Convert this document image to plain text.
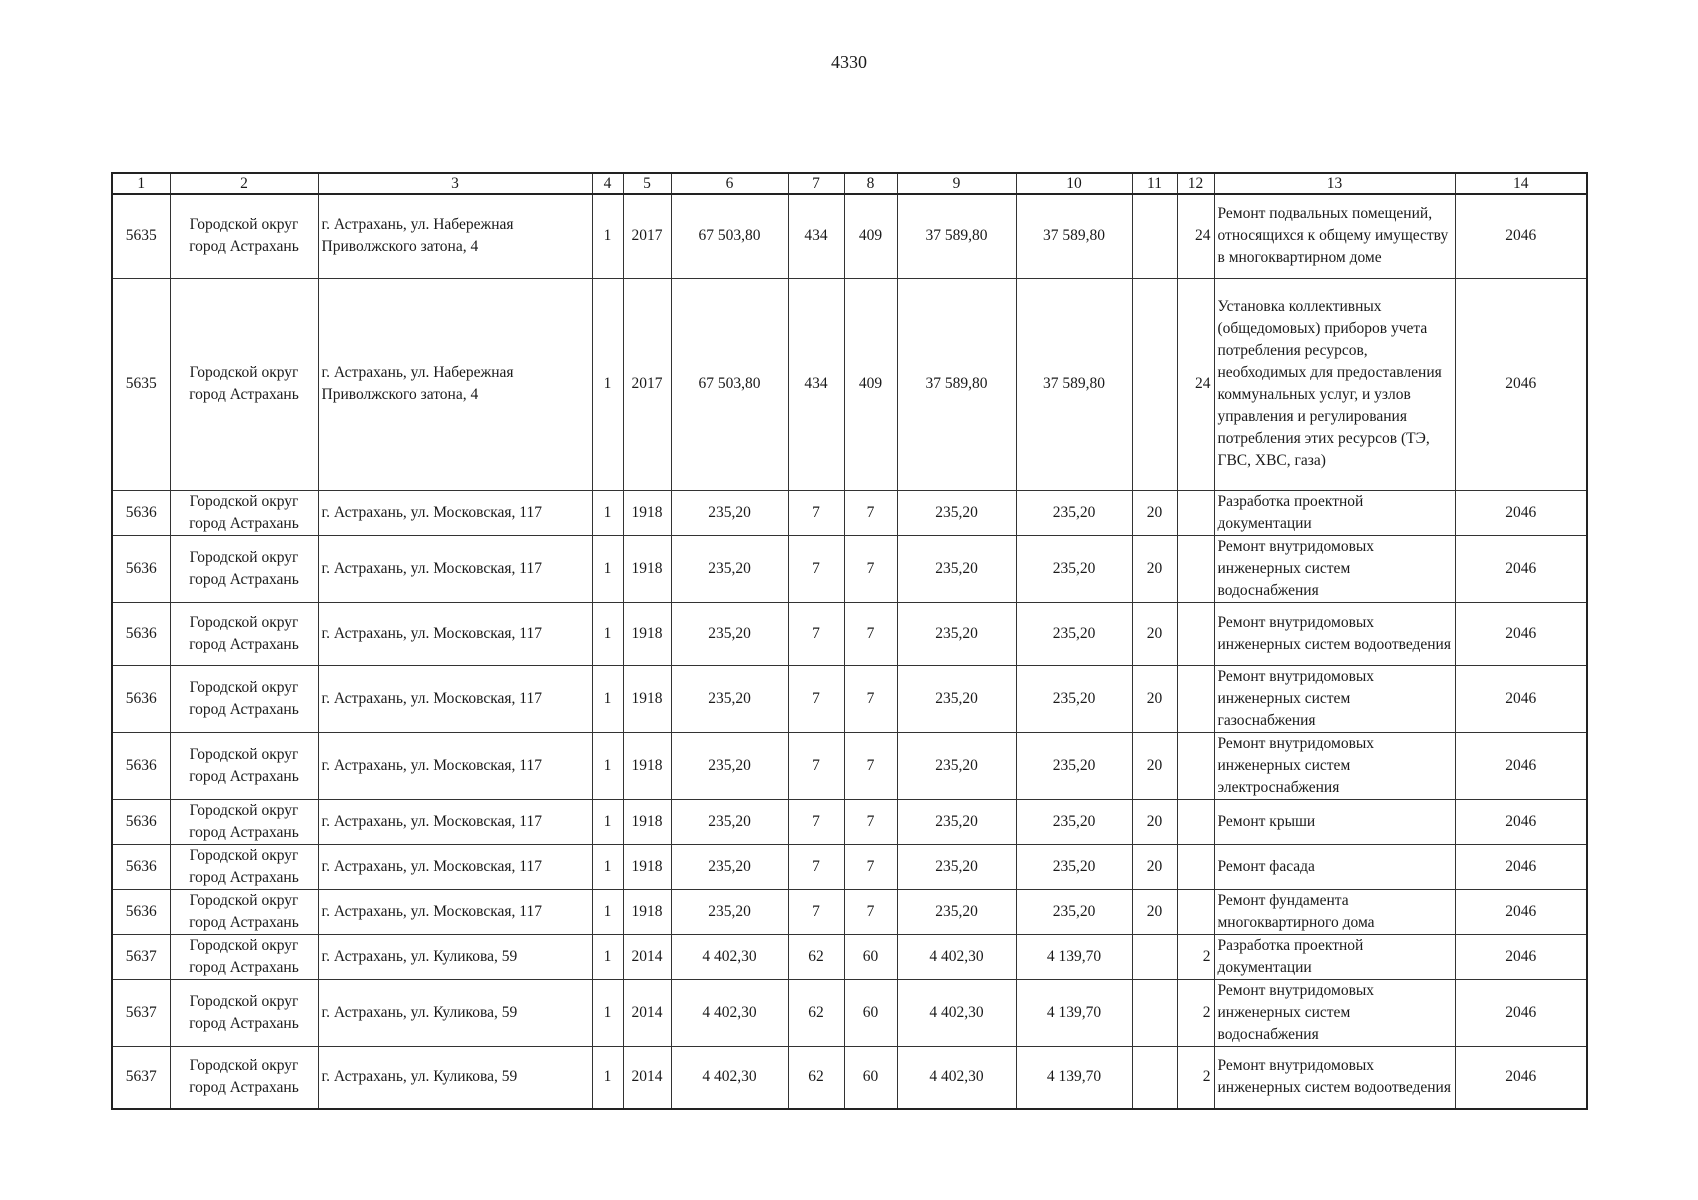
4330
1	2	3	4	5	6	7	8	9	10	11	12	13	14
5635	Городской округ город Астрахань	г. Астрахань, ул. Набережная Приволжского затона, 4	1	2017	67 503,80	434	409	37 589,80	37 589,80		24	Ремонт подвальных помещений, относящихся к общему имуществу в многоквартирном доме	2046
5635	Городской округ город Астрахань	г. Астрахань, ул. Набережная Приволжского затона, 4	1	2017	67 503,80	434	409	37 589,80	37 589,80		24	Установка коллективных (общедомовых) приборов учета потребления ресурсов, необходимых для предоставления коммунальных услуг, и узлов управления и регулирования потребления этих ресурсов (ТЭ, ГВС, ХВС, газа)	2046
5636	Городской округ город Астрахань	г. Астрахань, ул. Московская, 117	1	1918	235,20	7	7	235,20	235,20	20		Разработка проектной документации	2046
5636	Городской округ город Астрахань	г. Астрахань, ул. Московская, 117	1	1918	235,20	7	7	235,20	235,20	20		Ремонт внутридомовых инженерных систем водоснабжения	2046
5636	Городской округ город Астрахань	г. Астрахань, ул. Московская, 117	1	1918	235,20	7	7	235,20	235,20	20		Ремонт внутридомовых инженерных систем водоотведения	2046
5636	Городской округ город Астрахань	г. Астрахань, ул. Московская, 117	1	1918	235,20	7	7	235,20	235,20	20		Ремонт внутридомовых инженерных систем газоснабжения	2046
5636	Городской округ город Астрахань	г. Астрахань, ул. Московская, 117	1	1918	235,20	7	7	235,20	235,20	20		Ремонт внутридомовых инженерных систем электроснабжения	2046
5636	Городской округ город Астрахань	г. Астрахань, ул. Московская, 117	1	1918	235,20	7	7	235,20	235,20	20		Ремонт крыши	2046
5636	Городской округ город Астрахань	г. Астрахань, ул. Московская, 117	1	1918	235,20	7	7	235,20	235,20	20		Ремонт фасада	2046
5636	Городской округ город Астрахань	г. Астрахань, ул. Московская, 117	1	1918	235,20	7	7	235,20	235,20	20		Ремонт фундамента многоквартирного дома	2046
5637	Городской округ город Астрахань	г. Астрахань, ул. Куликова, 59	1	2014	4 402,30	62	60	4 402,30	4 139,70		2	Разработка проектной документации	2046
5637	Городской округ город Астрахань	г. Астрахань, ул. Куликова, 59	1	2014	4 402,30	62	60	4 402,30	4 139,70		2	Ремонт внутридомовых инженерных систем водоснабжения	2046
5637	Городской округ город Астрахань	г. Астрахань, ул. Куликова, 59	1	2014	4 402,30	62	60	4 402,30	4 139,70		2	Ремонт внутридомовых инженерных систем водоотведения	2046
